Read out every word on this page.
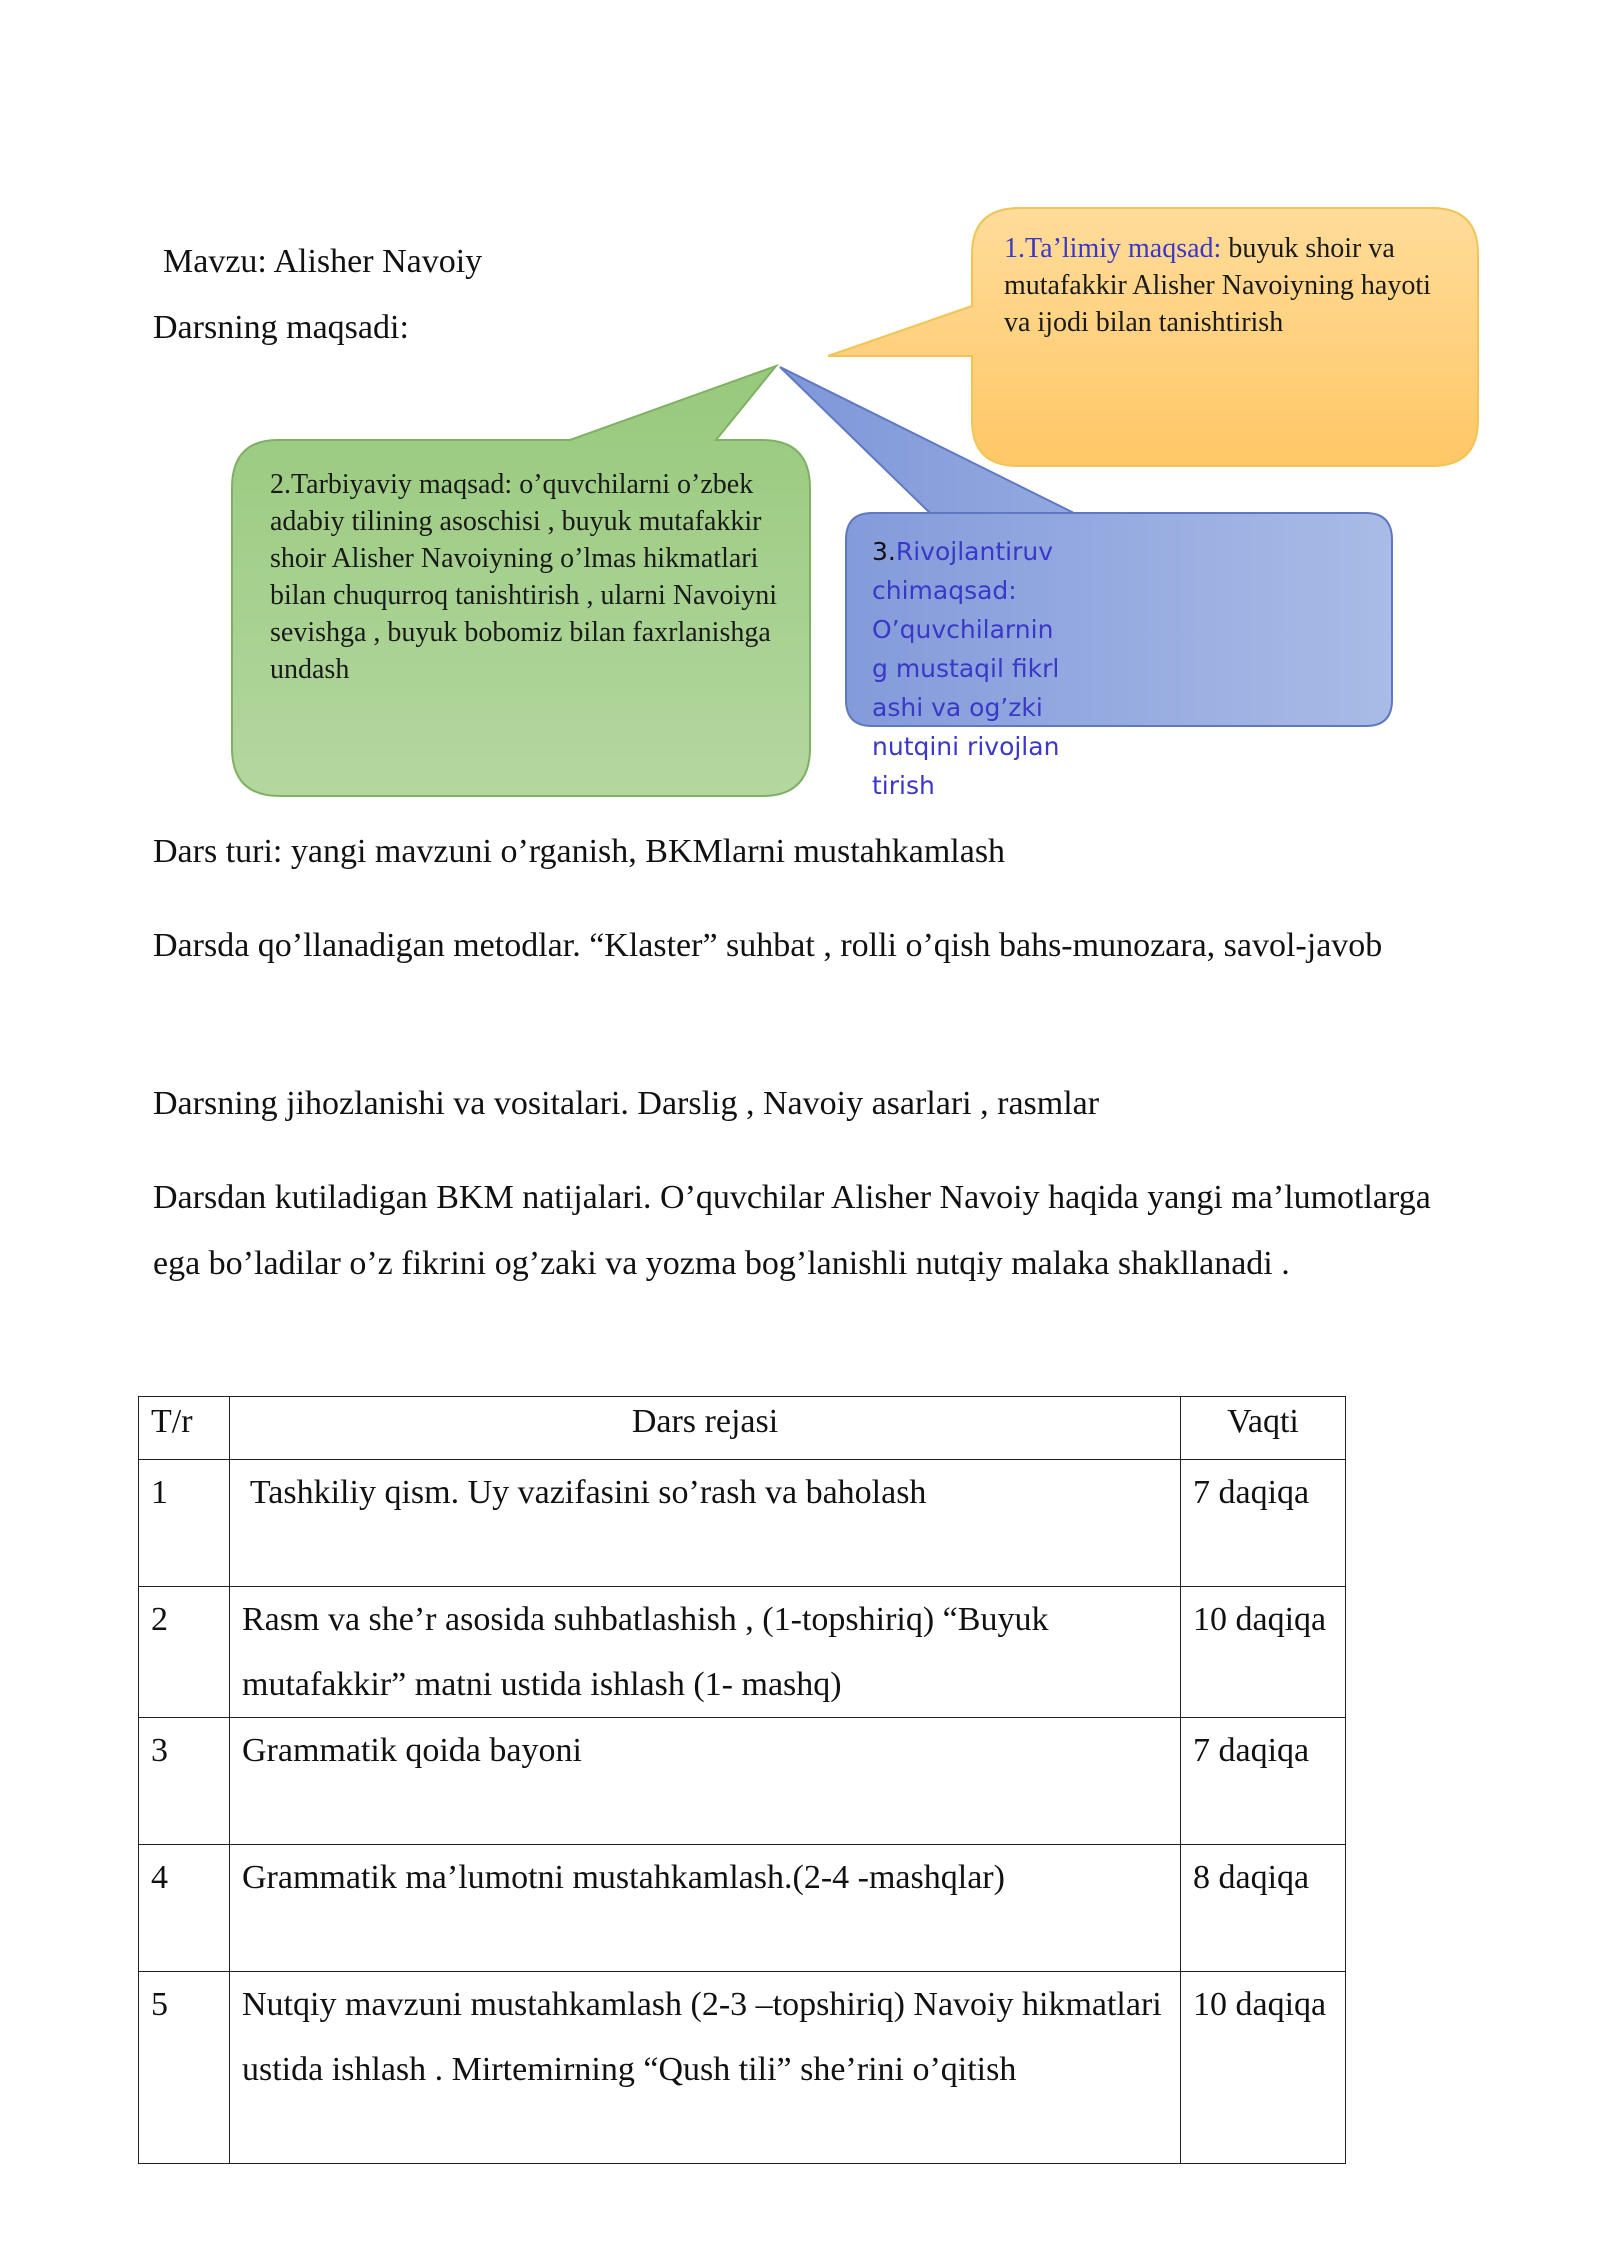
Mavzu: Alisher Navoiy
Darsning maqsadi:
1.Ta’limiy maqsad: buyuk shoir va mutafakkir Alisher Navoiyning hayoti va ijodi bilan tanishtirish
2.Tarbiyaviy maqsad: o’quvchilarni o’zbek adabiy tilining asoschisi , buyuk mutafakkir shoir Alisher Navoiyning o’lmas hikmatlari bilan chuqurroq tanishtirish , ularni Navoiyni sevishga , buyuk bobomiz bilan faxrlanishga undash
3.Rivojlantiruvchimaqsad: O’quvchilarning mustaqil fikrlashi va og’zki nutqini rivojlantirish
Dars turi: yangi mavzuni o’rganish, BKMlarni mustahkamlash
Darsda qo’llanadigan metodlar. “Klaster” suhbat , rolli o’qish bahs-munozara, savol-javob
Darsning jihozlanishi va vositalari. Darslig , Navoiy asarlari , rasmlar
Darsdan kutiladigan BKM natijalari. O’quvchilar Alisher Navoiy haqida yangi ma’lumotlarga ega bo’ladilar o’z fikrini og’zaki va yozma bog’lanishli nutqiy malaka shakllanadi .
T/r	Dars rejasi	Vaqti
1	Tashkiliy qism. Uy vazifasini so’rash va baholash	7 daqiqa
2	Rasm va she’r asosida suhbatlashish , (1-topshiriq) “Buyuk mutafakkir” matni ustida ishlash (1- mashq)	10 daqiqa
3	Grammatik qoida bayoni	7 daqiqa
4	Grammatik ma’lumotni mustahkamlash.(2-4 -mashqlar)	8 daqiqa
5	Nutqiy mavzuni mustahkamlash (2-3 –topshiriq) Navoiy hikmatlari ustida ishlash . Mirtemirning “Qush tili” she’rini o’qitish	10 daqiqa
